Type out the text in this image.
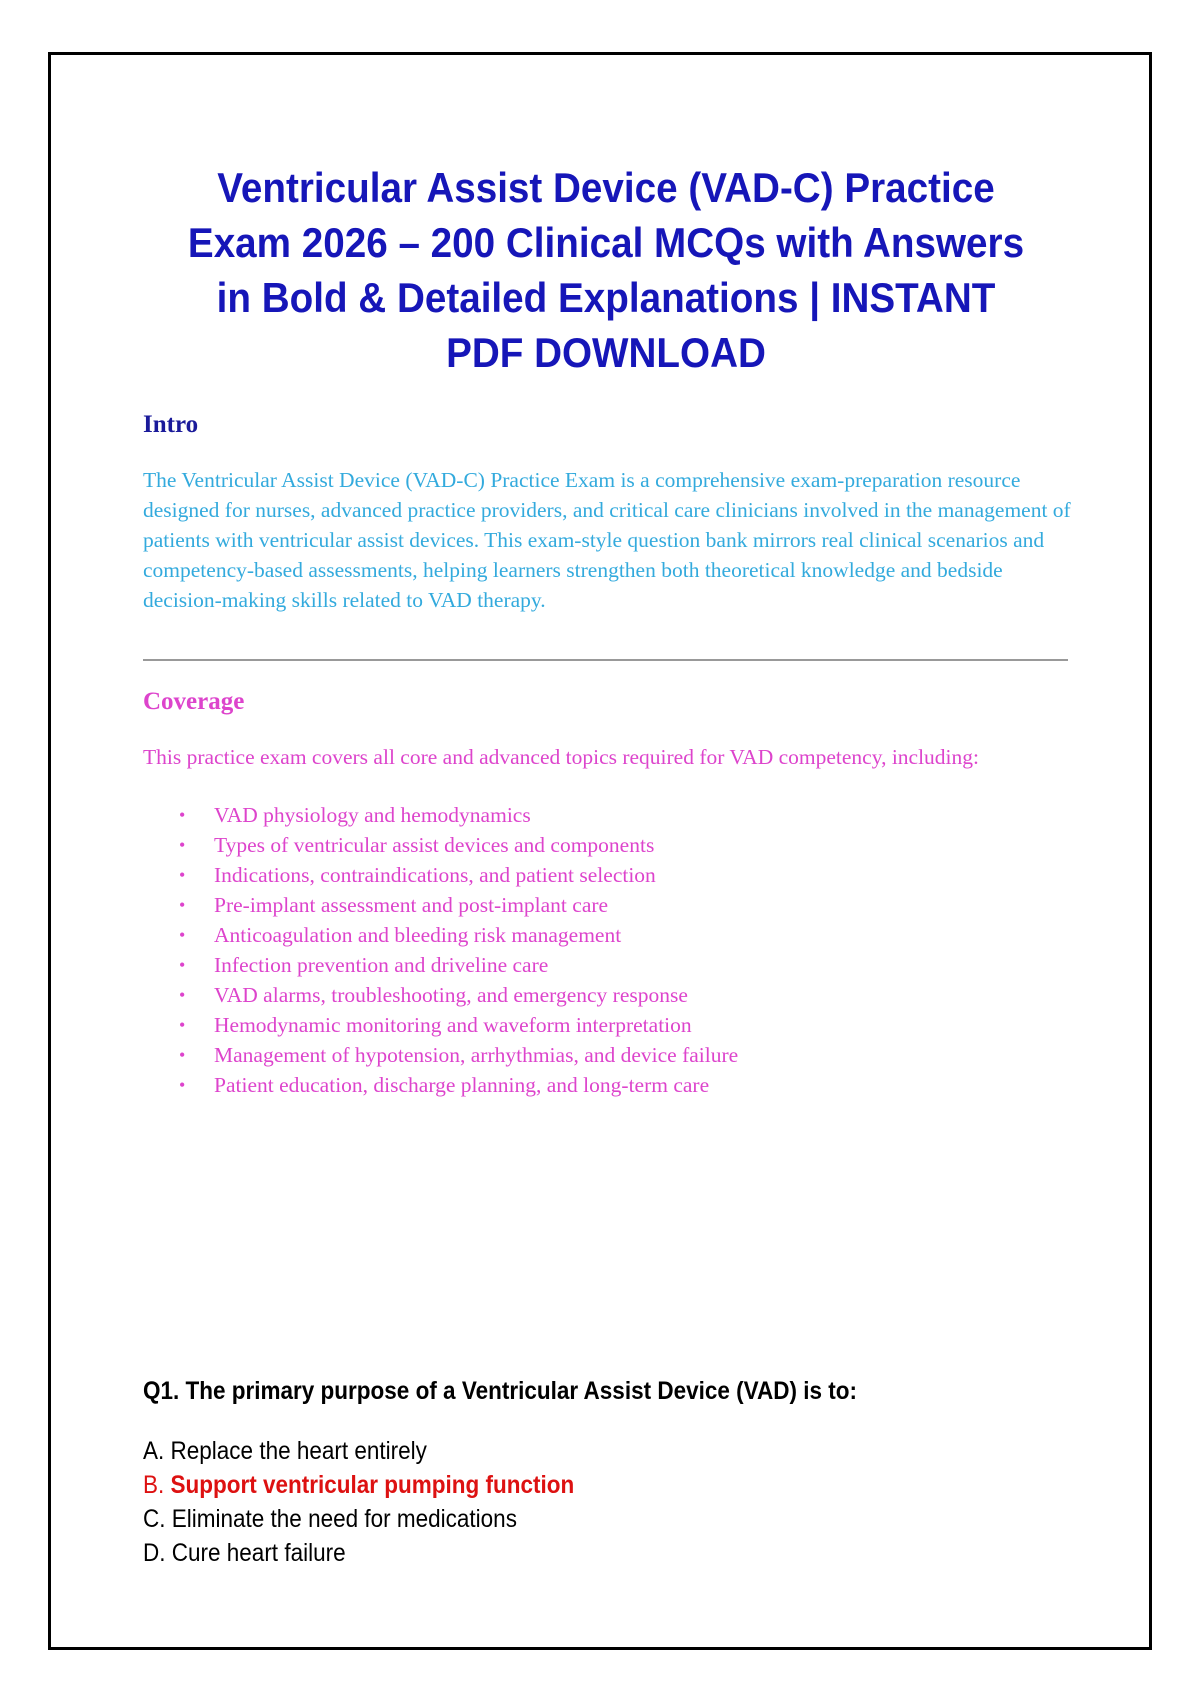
Ventricular Assist Device (VAD-C) Practice Exam 2026 – 200 Clinical MCQs with Answers in Bold & Detailed Explanations | INSTANT PDF DOWNLOAD
Intro

The Ventricular Assist Device (VAD-C) Practice Exam is a comprehensive exam-preparation resource designed for nurses, advanced practice providers, and critical care clinicians involved in the management of patients with ventricular assist devices. This exam-style question bank mirrors real clinical scenarios and competency-based assessments, helping learners strengthen both theoretical knowledge and bedside decision-making skills related to VAD therapy.

Coverage

This practice exam covers all core and advanced topics required for VAD competency, including:

• VAD physiology and hemodynamics
• Types of ventricular assist devices and components
• Indications, contraindications, and patient selection
• Pre-implant assessment and post-implant care
• Anticoagulation and bleeding risk management
• Infection prevention and driveline care
• VAD alarms, troubleshooting, and emergency response
• Hemodynamic monitoring and waveform interpretation
• Management of hypotension, arrhythmias, and device failure
• Patient education, discharge planning, and long-term care

Q1. The primary purpose of a Ventricular Assist Device (VAD) is to:

A. Replace the heart entirely
B. Support ventricular pumping function
C. Eliminate the need for medications
D. Cure heart failure
